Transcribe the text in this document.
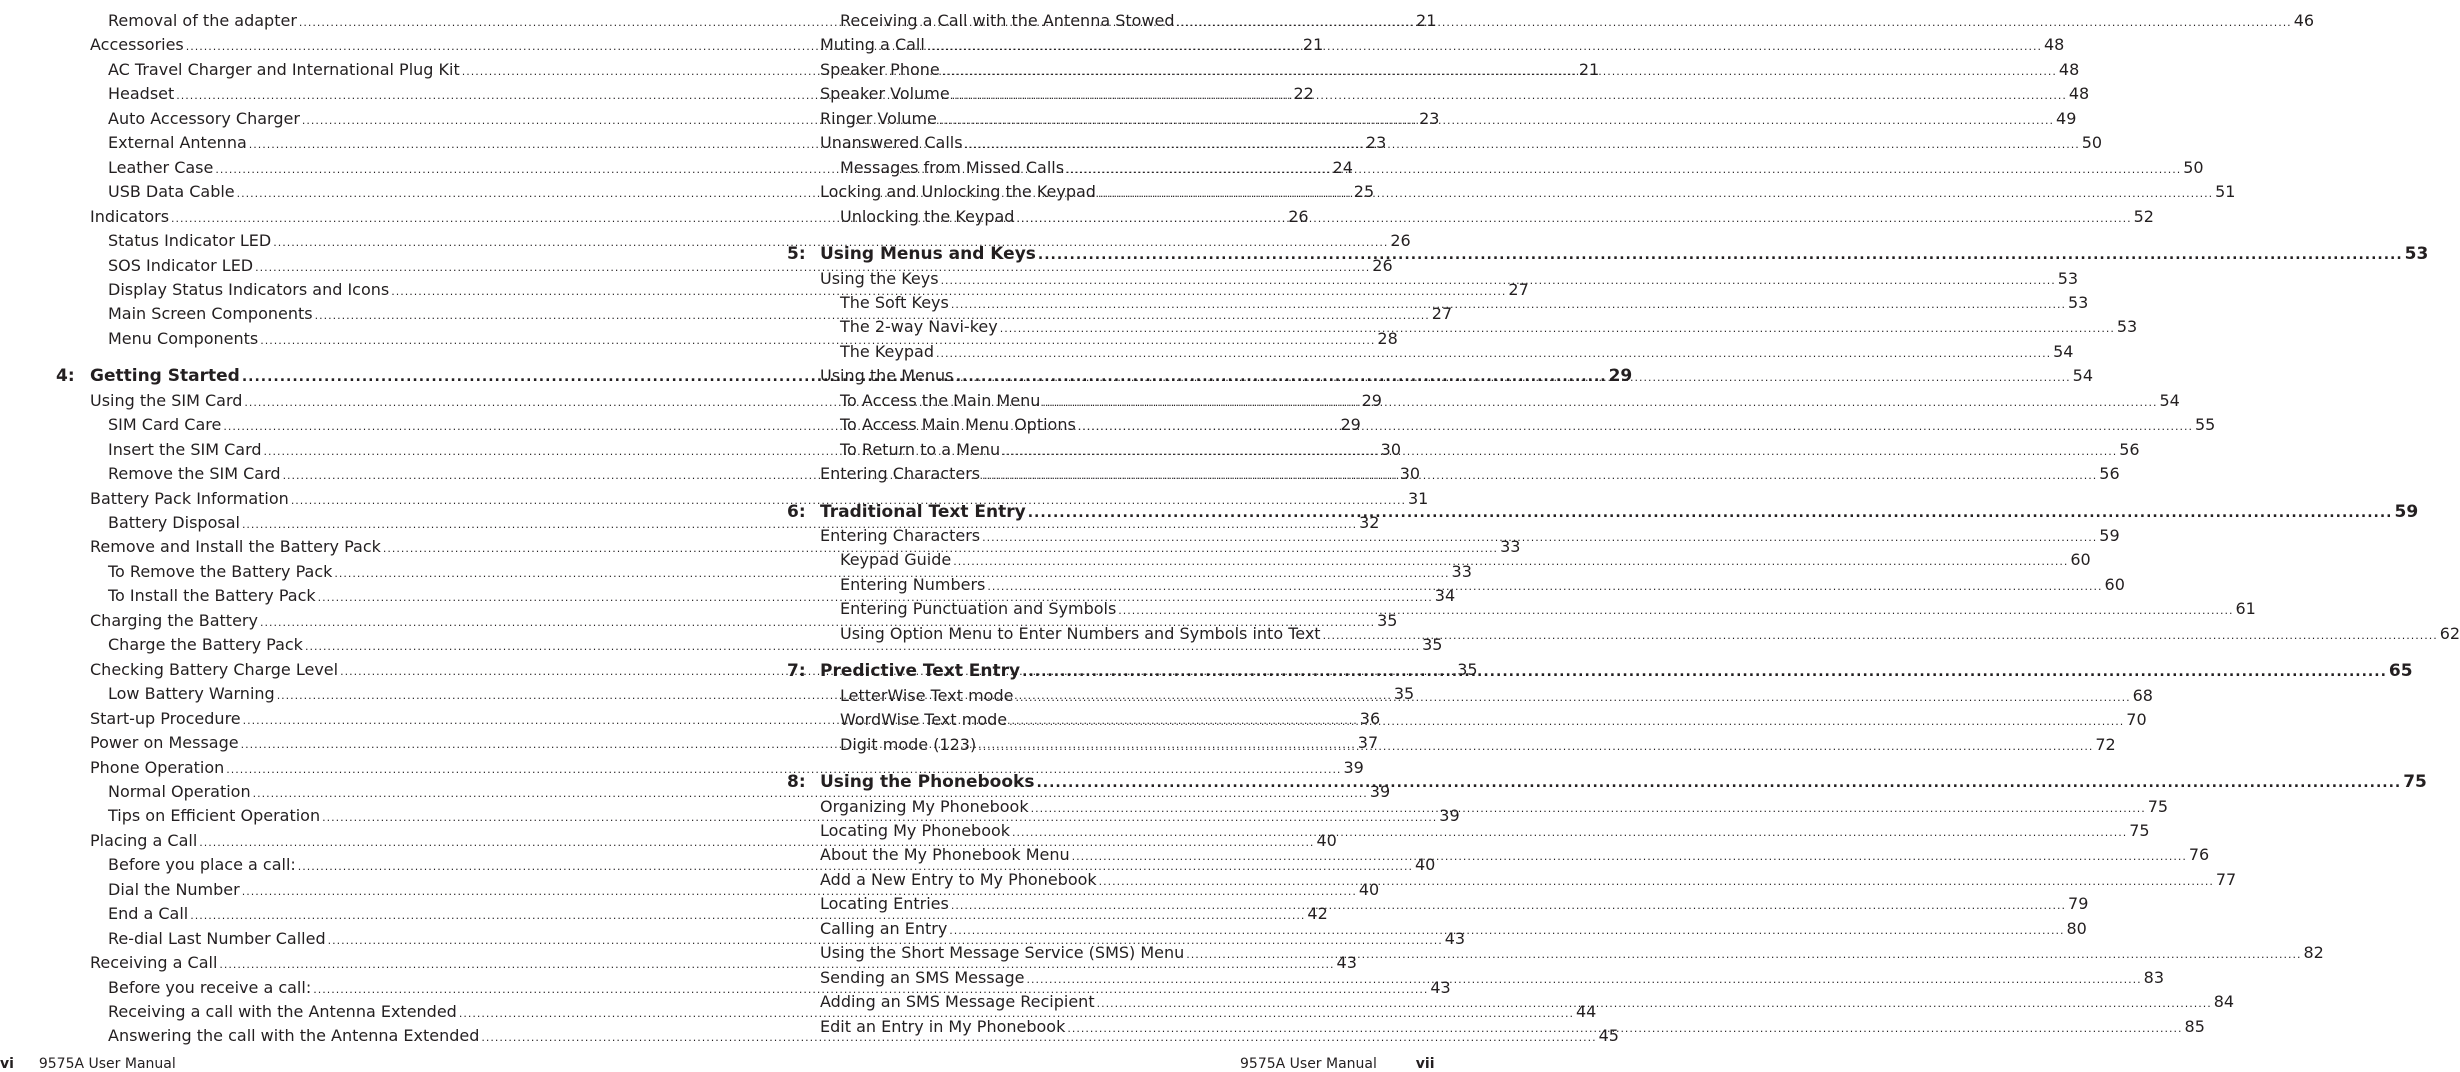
Removal of the adapter .....	21
Accessories .....	21
AC Travel Charger and International Plug Kit .....	21
Headset .....	22
Auto Accessory Charger .....	23
External Antenna .....	23
Leather Case .....	24
USB Data Cable .....	25
Indicators .....	26
Status Indicator LED .....	26
SOS Indicator LED .....	26
Display Status Indicators and Icons .....	27
Main Screen Components .....	27
Menu Components .....	28
4: Getting Started .....	29
Using the SIM Card .....	29
SIM Card Care .....	29
Insert the SIM Card .....	30
Remove the SIM Card .....	30
Battery Pack Information .....	31
Battery Disposal .....	32
Remove and Install the Battery Pack .....	33
To Remove the Battery Pack .....	33
To Install the Battery Pack .....	34
Charging the Battery .....	35
Charge the Battery Pack .....	35
Checking Battery Charge Level .....	35
Low Battery Warning .....	35
Start-up Procedure .....	36
Power on Message .....	37
Phone Operation .....	39
Normal Operation .....	39
Tips on Efficient Operation .....	39
Placing a Call .....	40
Before you place a call: .....	40
Dial the Number .....	40
End a Call .....	42
Re-dial Last Number Called .....	43
Receiving a Call .....	43
Before you receive a call: .....	43
Receiving a call with the Antenna Extended .....	44
Answering the call with the Antenna Extended .....	45
Receiving a Call with the Antenna Stowed .....	46
Muting a Call .....	48
Speaker Phone .....	48
Speaker Volume .....	48
Ringer Volume .....	49
Unanswered Calls .....	50
Messages from Missed Calls .....	50
Locking and Unlocking the Keypad .....	51
Unlocking the Keypad .....	52
5: Using Menus and Keys .....	53
Using the Keys .....	53
The Soft Keys .....	53
The 2-way Navi-key .....	53
The Keypad .....	54
Using the Menus .....	54
To Access the Main Menu .....	54
To Access Main Menu Options .....	55
To Return to a Menu .....	56
Entering Characters .....	56
6: Traditional Text Entry .....	59
Entering Characters .....	59
Keypad Guide .....	60
Entering Numbers .....	60
Entering Punctuation and Symbols .....	61
Using Option Menu to Enter Numbers and Symbols into Text .....	62
7: Predictive Text Entry .....	65
LetterWise Text mode .....	68
WordWise Text mode .....	70
Digit mode (123) .....	72
8: Using the Phonebooks .....	75
Organizing My Phonebook .....	75
Locating My Phonebook .....	75
About the My Phonebook Menu .....	76
Add a New Entry to My Phonebook .....	77
Locating Entries .....	79
Calling an Entry .....	80
Using the Short Message Service (SMS) Menu .....	82
Sending an SMS Message .....	83
Adding an SMS Message Recipient .....	84
Edit an Entry in My Phonebook .....	85
vi 9575A User Manual	9575A User Manual	vii
